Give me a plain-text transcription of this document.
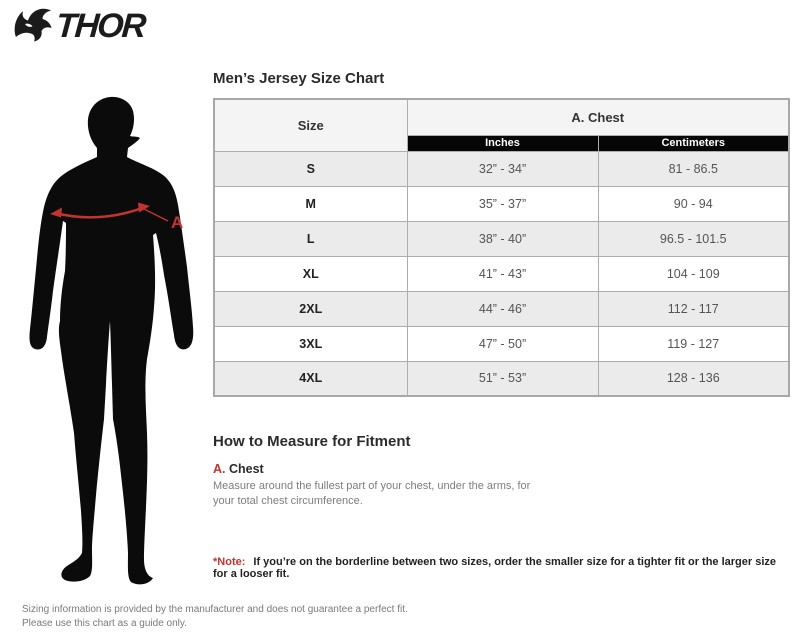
THOR
A
Men’s Jersey Size Chart
Size	A. Chest	
	Inches	Centimeters
S	32” - 34”	81 - 86.5
M	35” - 37”	90 - 94
L	38” - 40”	96.5 - 101.5
XL	41” - 43”	104 - 109
2XL	44” - 46”	112 - 117
3XL	47” - 50”	119 - 127
4XL	51” - 53”	128 - 136
How to Measure for Fitment
A. Chest

Measure around the fullest part of your chest, under the arms, for your total chest circumference.

*Note: If you’re on the borderline between two sizes, order the smaller size for a tighter fit or the larger size for a looser fit.

Sizing information is provided by the manufacturer and does not guarantee a perfect fit.

Please use this chart as a guide only.
